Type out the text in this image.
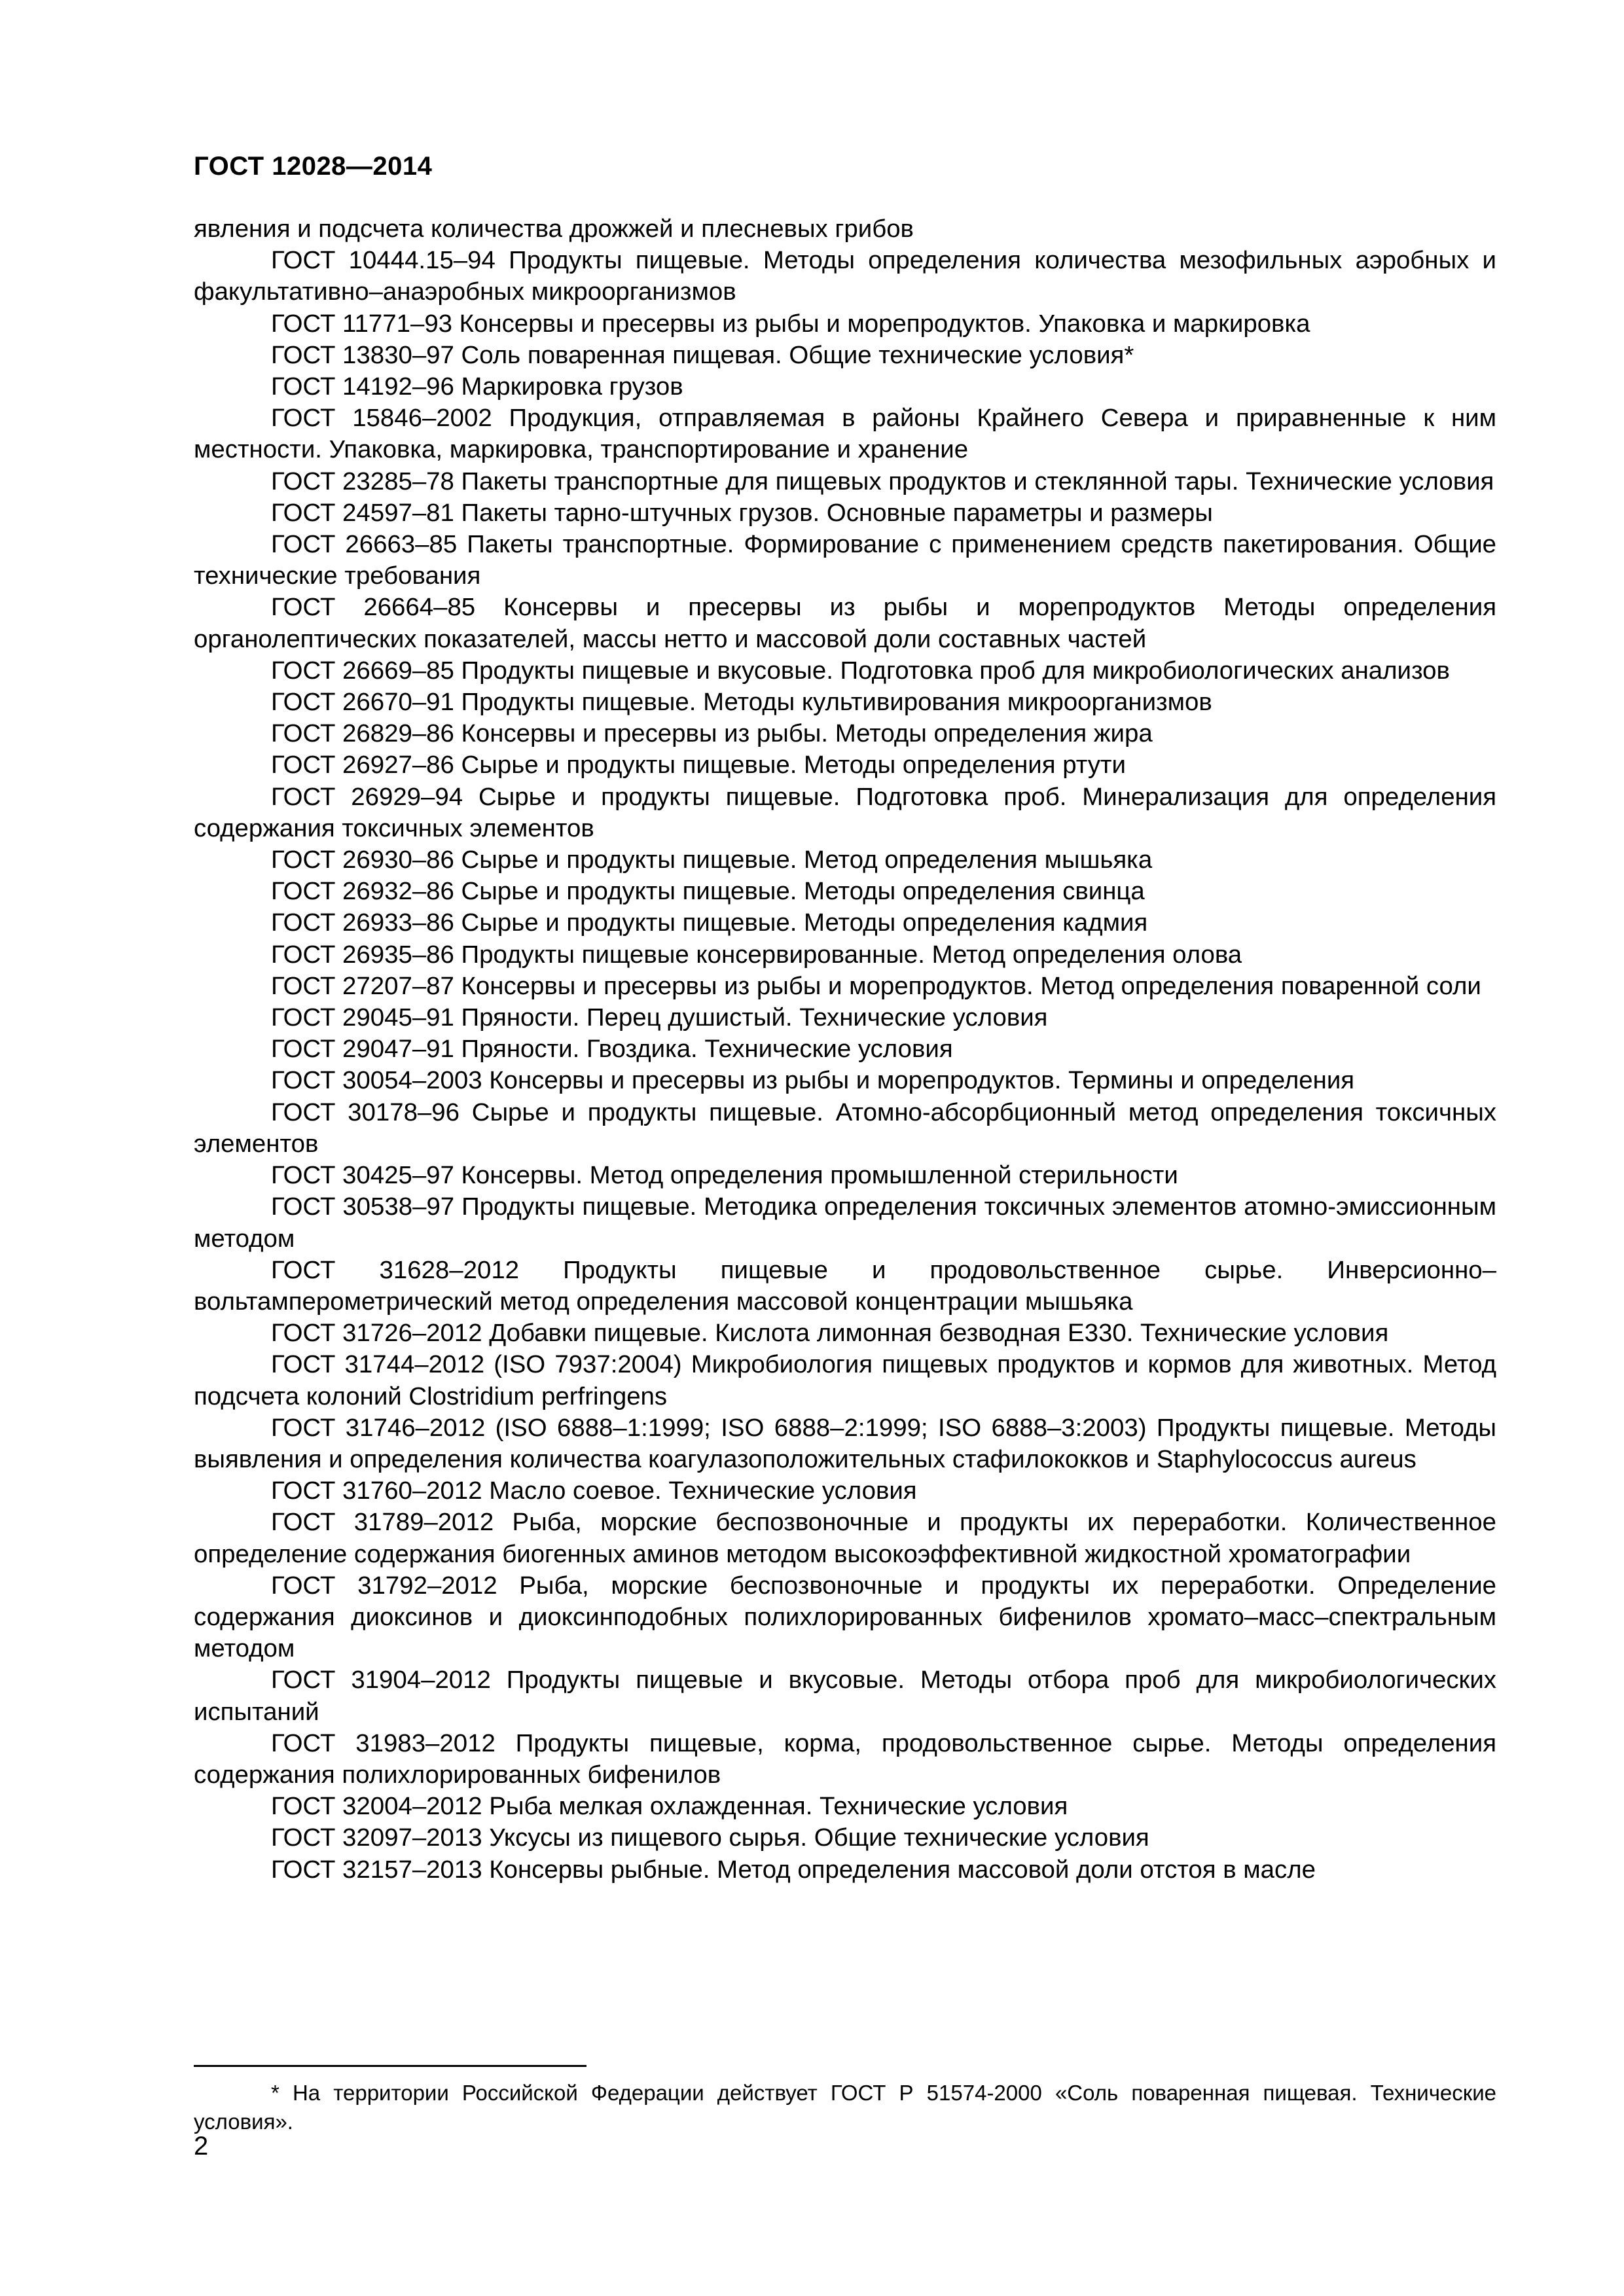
ГОСТ 12028—2014

явления и подсчета количества дрожжей и плесневых грибов

ГОСТ 10444.15–94 Продукты пищевые. Методы определения количества мезофильных аэробных и факультативно–анаэробных микроорганизмов

ГОСТ 11771–93 Консервы и пресервы из рыбы и морепродуктов. Упаковка и маркировка

ГОСТ 13830–97 Соль поваренная пищевая. Общие технические условия*

ГОСТ 14192–96 Маркировка грузов

ГОСТ 15846–2002 Продукция, отправляемая в районы Крайнего Севера и приравненные к ним местности. Упаковка, маркировка, транспортирование и хранение

ГОСТ 23285–78 Пакеты транспортные для пищевых продуктов и стеклянной тары. Технические условия

ГОСТ 24597–81 Пакеты тарно-штучных грузов. Основные параметры и размеры

ГОСТ 26663–85 Пакеты транспортные. Формирование с применением средств пакетирования. Общие технические требования

ГОСТ 26664–85 Консервы и пресервы из рыбы и морепродуктов Методы определения органолептических показателей, массы нетто и массовой доли составных частей

ГОСТ 26669–85 Продукты пищевые и вкусовые. Подготовка проб для микробиологических анализов

ГОСТ 26670–91 Продукты пищевые. Методы культивирования микроорганизмов

ГОСТ 26829–86 Консервы и пресервы из рыбы. Методы определения жира

ГОСТ 26927–86 Сырье и продукты пищевые. Методы определения ртути

ГОСТ 26929–94 Сырье и продукты пищевые. Подготовка проб. Минерализация для определения содержания токсичных элементов

ГОСТ 26930–86 Сырье и продукты пищевые. Метод определения мышьяка

ГОСТ 26932–86 Сырье и продукты пищевые. Методы определения свинца

ГОСТ 26933–86 Сырье и продукты пищевые. Методы определения кадмия

ГОСТ 26935–86 Продукты пищевые консервированные. Метод определения олова

ГОСТ 27207–87 Консервы и пресервы из рыбы и морепродуктов. Метод определения поваренной соли

ГОСТ 29045–91 Пряности. Перец душистый. Технические условия

ГОСТ 29047–91 Пряности. Гвоздика. Технические условия

ГОСТ 30054–2003 Консервы и пресервы из рыбы и морепродуктов. Термины и определения

ГОСТ 30178–96 Сырье и продукты пищевые. Атомно-абсорбционный метод определения токсичных элементов

ГОСТ 30425–97 Консервы. Метод определения промышленной стерильности

ГОСТ 30538–97 Продукты пищевые. Методика определения токсичных элементов атомно-эмиссионным методом

ГОСТ 31628–2012 Продукты пищевые и продовольственное сырье. Инверсионно–вольтамперометрический метод определения массовой концентрации мышьяка

ГОСТ 31726–2012 Добавки пищевые. Кислота лимонная безводная Е330. Технические условия

ГОСТ 31744–2012 (ISO 7937:2004) Микробиология пищевых продуктов и кормов для животных. Метод подсчета колоний Clostridium perfringens

ГОСТ 31746–2012 (ISO 6888–1:1999; ISO 6888–2:1999; ISO 6888–3:2003) Продукты пищевые. Методы выявления и определения количества коагулазоположительных стафилококков и Staphylococcus aureus

ГОСТ 31760–2012 Масло соевое. Технические условия

ГОСТ 31789–2012 Рыба, морские беспозвоночные и продукты их переработки. Количественное определение содержания биогенных аминов методом высокоэффективной жидкостной хроматографии

ГОСТ 31792–2012 Рыба, морские беспозвоночные и продукты их переработки. Определение содержания диоксинов и диоксинподобных полихлорированных бифенилов хромато–масс–спектральным методом

ГОСТ 31904–2012 Продукты пищевые и вкусовые. Методы отбора проб для микробиологических испытаний

ГОСТ 31983–2012 Продукты пищевые, корма, продовольственное сырье. Методы определения содержания полихлорированных бифенилов

ГОСТ 32004–2012 Рыба мелкая охлажденная. Технические условия

ГОСТ 32097–2013 Уксусы из пищевого сырья. Общие технические условия

ГОСТ 32157–2013 Консервы рыбные. Метод определения массовой доли отстоя в масле

* На территории Российской Федерации действует ГОСТ Р 51574-2000 «Соль поваренная пищевая. Технические условия».

2
